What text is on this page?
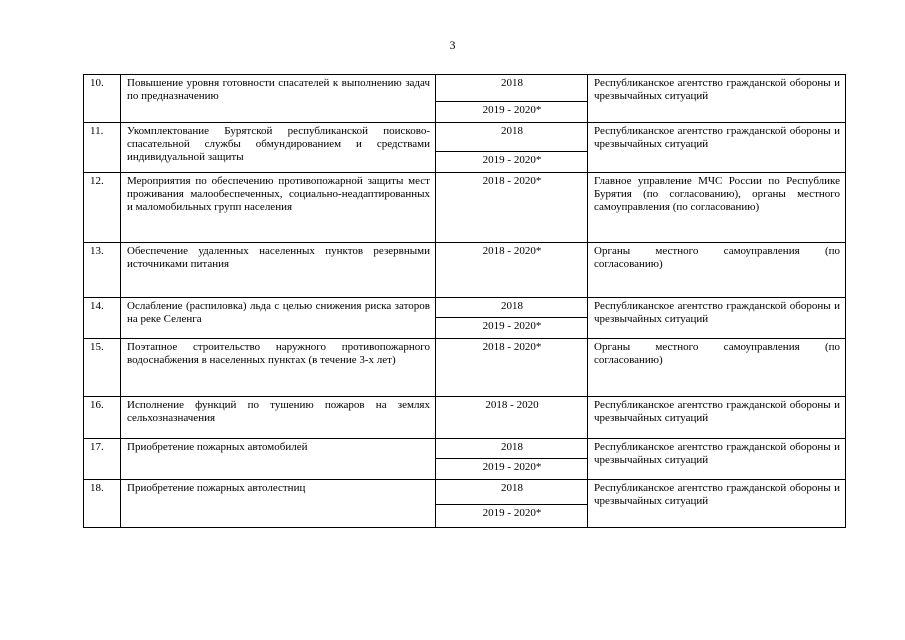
3
10.	Повышение уровня готовности спасателей к выполнению задач по предназначению	2018	Республиканское агентство гражданской обороны и чрезвычайных ситуаций
		2019 - 2020*	
11.	Укомплектование Бурятской республиканской поисково-спасательной службы обмундированием и средствами индивидуальной защиты	2018	Республиканское агентство гражданской обороны и чрезвычайных ситуаций
		2019 - 2020*	
12.	Мероприятия по обеспечению противопожарной защиты мест проживания малообеспеченных, социально-неадаптированных и маломобильных групп населения	2018 - 2020*	Главное управление МЧС России по Республике Бурятия (по согласованию), органы местного самоуправления (по согласованию)
13.	Обеспечение удаленных населенных пунктов резервными источниками питания	2018 - 2020*	Органы местного самоуправления (по согласованию)
14.	Ослабление (распиловка) льда с целью снижения риска заторов на реке Селенга	2018	Республиканское агентство гражданской обороны и чрезвычайных ситуаций
		2019 - 2020*	
15.	Поэтапное строительство наружного противопожарного водоснабжения в населенных пунктах (в течение 3-х лет)	2018 - 2020*	Органы местного самоуправления (по согласованию)
16.	Исполнение функций по тушению пожаров на землях сельхозназначения	2018 - 2020	Республиканское агентство гражданской обороны и чрезвычайных ситуаций
17.	Приобретение пожарных автомобилей	2018	Республиканское агентство гражданской обороны и чрезвычайных ситуаций
		2019 - 2020*	
18.	Приобретение пожарных автолестниц	2018	Республиканское агентство гражданской обороны и чрезвычайных ситуаций
		2019 - 2020*	
